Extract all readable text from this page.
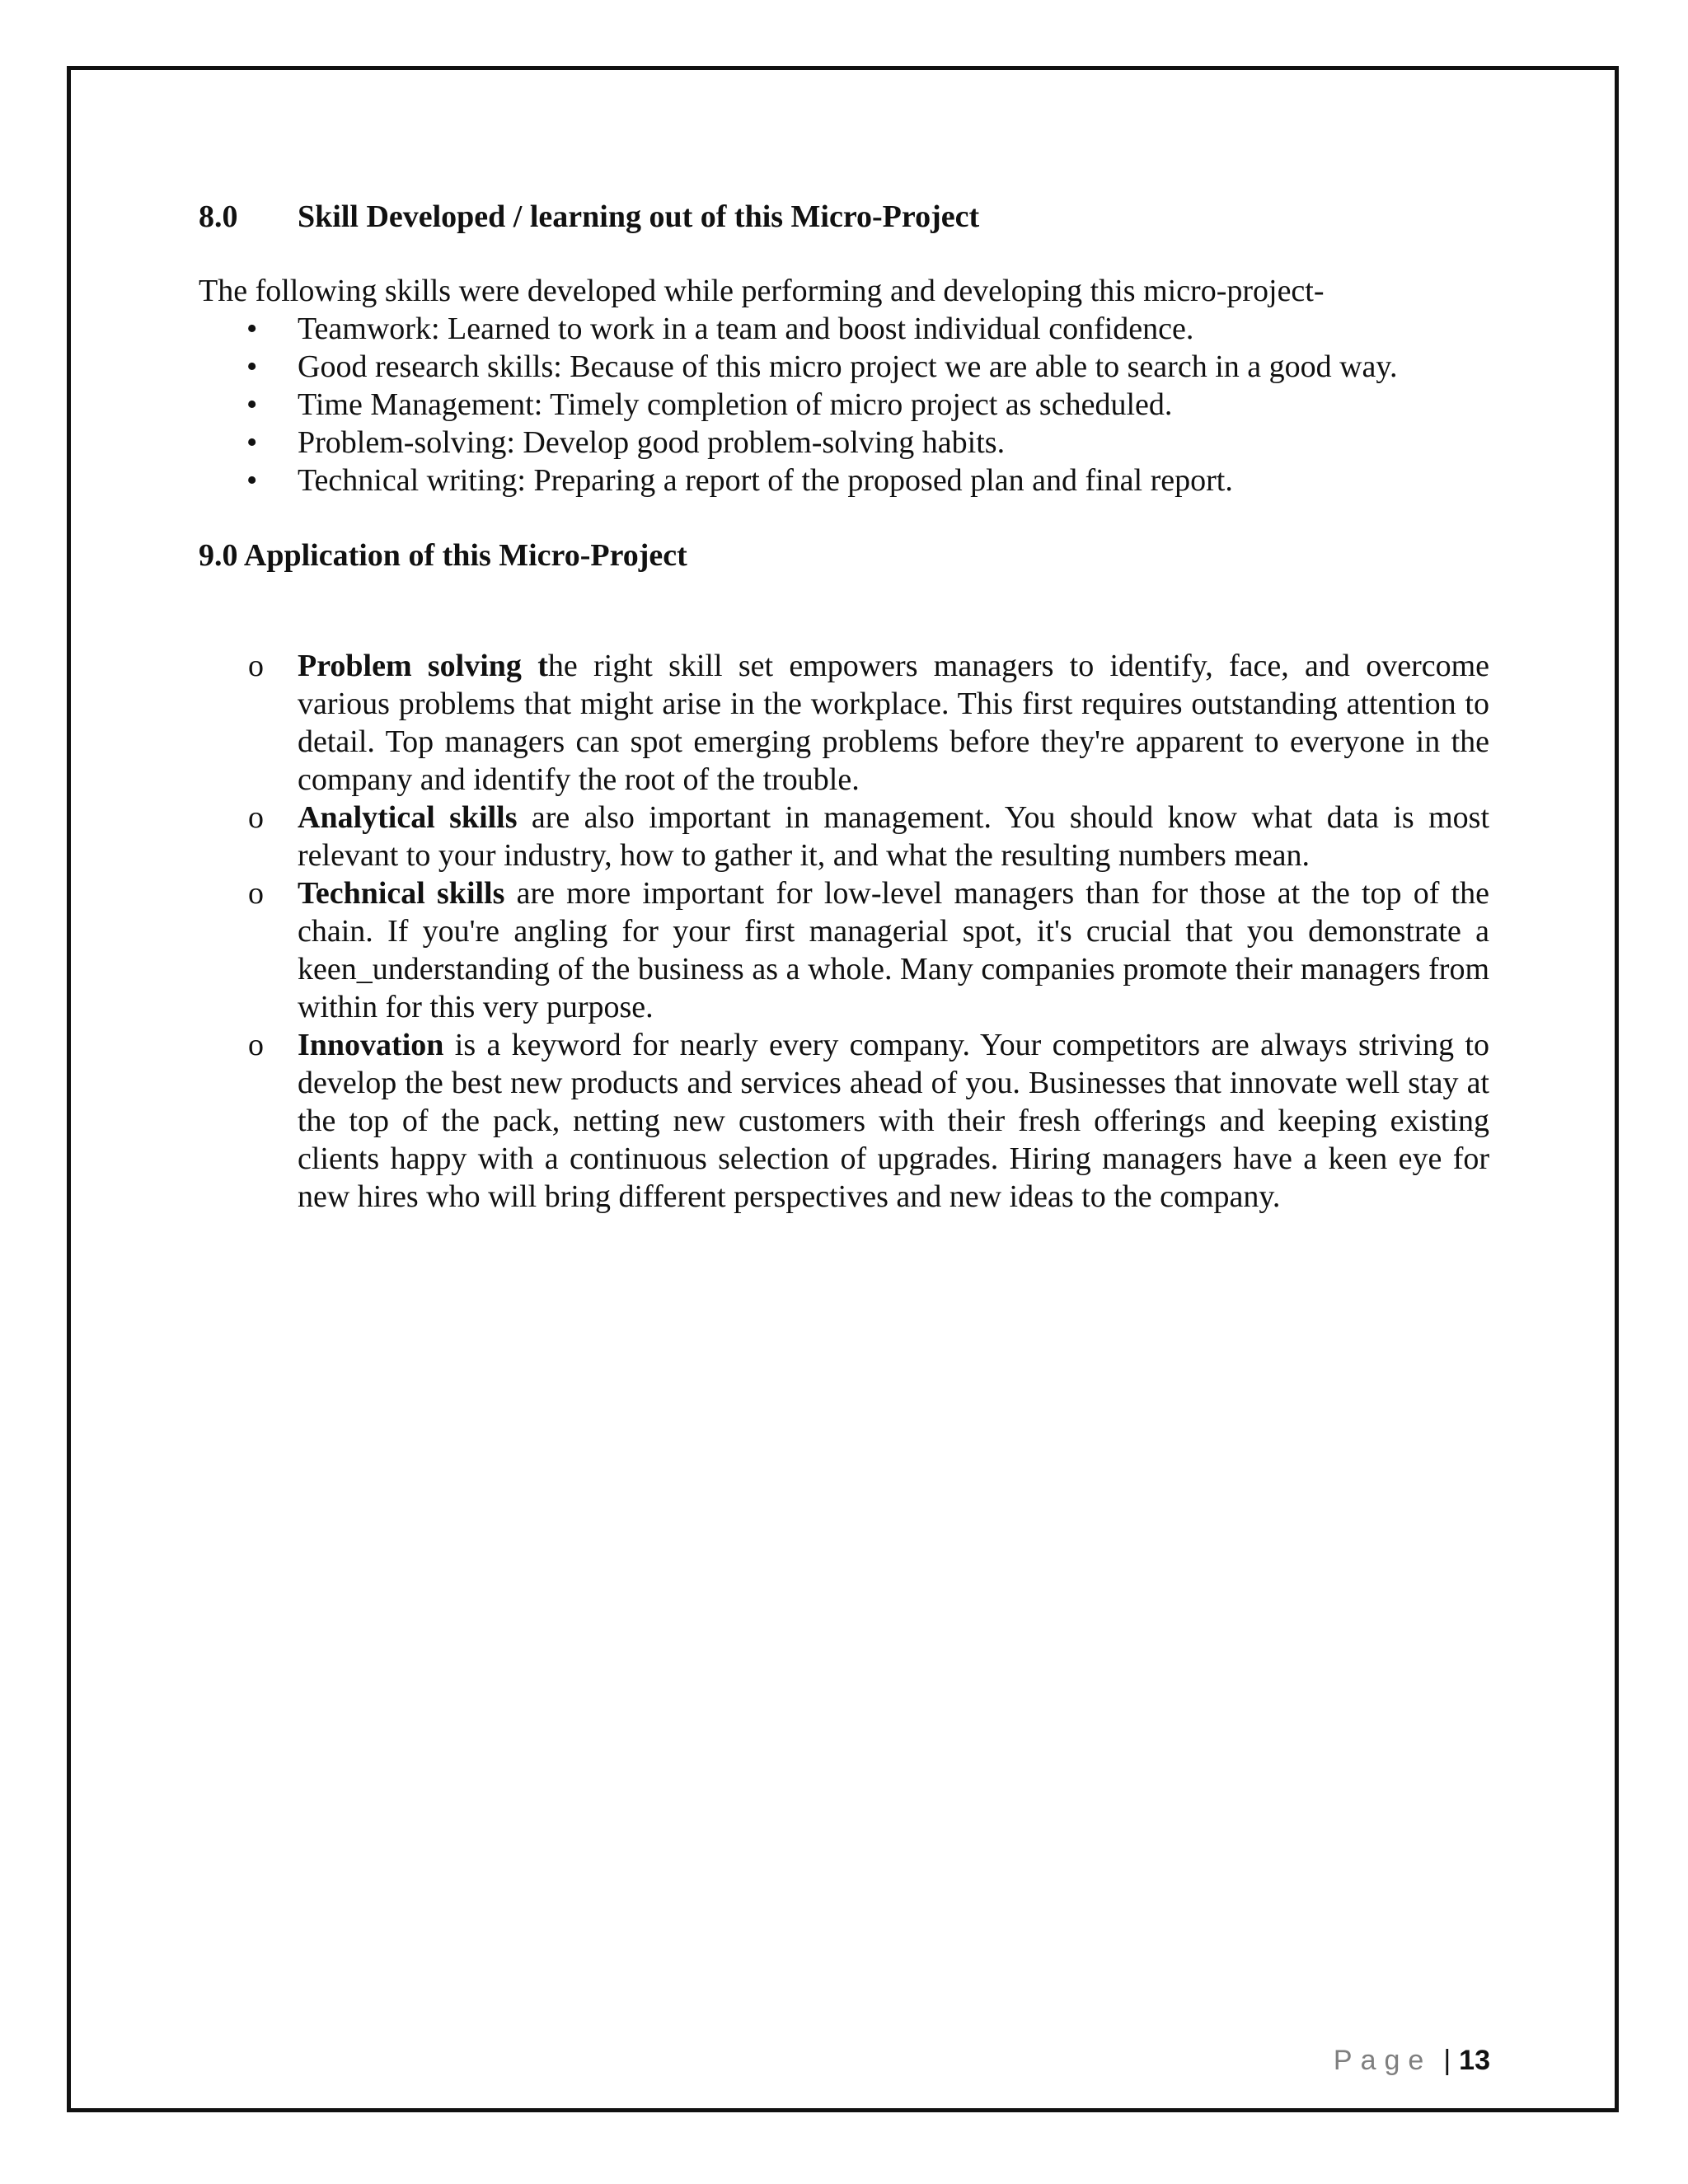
8.0	Skill Developed / learning out of this Micro-Project

The following skills were developed while performing and developing this micro-project-

• Teamwork: Learned to work in a team and boost individual confidence.
• Good research skills: Because of this micro project we are able to search in a good way.
• Time Management: Timely completion of micro project as scheduled.
• Problem-solving: Develop good problem-solving habits.
• Technical writing: Preparing a report of the proposed plan and final report.
9.0 Application of this Micro-Project
o Problem solving the right skill set empowers managers to identify, face, and overcome various problems that might arise in the workplace. This first requires outstanding attention to detail. Top managers can spot emerging problems before they're apparent to everyone in the company and identify the root of the trouble.
o Analytical skills are also important in management. You should know what data is most relevant to your industry, how to gather it, and what the resulting numbers mean.
o Technical skills are more important for low-level managers than for those at the top of the chain. If you're angling for your first managerial spot, it's crucial that you demonstrate a keen_understanding of the business as a whole. Many companies promote their managers from within for this very purpose.
o Innovation is a keyword for nearly every company. Your competitors are always striving to develop the best new products and services ahead of you. Businesses that innovate well stay at the top of the pack, netting new customers with their fresh offerings and keeping existing clients happy with a continuous selection of upgrades. Hiring managers have a keen eye for new hires who will bring different perspectives and new ideas to the company.
Page | 13
